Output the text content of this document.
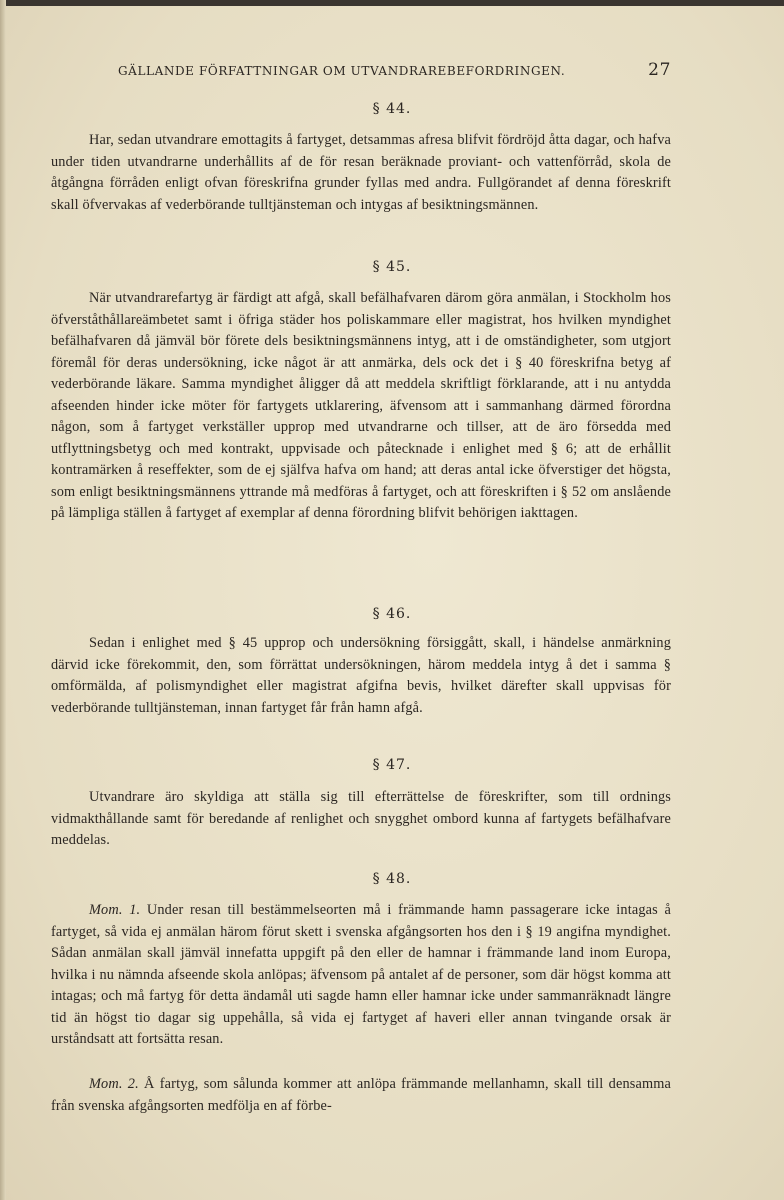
GÄLLANDE FÖRFATTNINGAR OM UTVANDRAREBEFORDRINGEN.	27
§ 44.
Har, sedan utvandrare emottagits å fartyget, detsammas afresa blifvit fördröjd åtta dagar, och hafva under tiden utvandrarne underhållits af de för resan beräknade proviant- och vattenförråd, skola de åtgångna förråden enligt ofvan föreskrifna grunder fyllas med andra. Fullgörandet af denna föreskrift skall öfvervakas af vederbörande tulltjänsteman och intygas af besiktningsmännen.
§ 45.
När utvandrarefartyg är färdigt att afgå, skall befälhafvaren därom göra anmälan, i Stockholm hos öfverståthållareämbetet samt i öfriga städer hos poliskammare eller magistrat, hos hvilken myndighet befälhafvaren då jämväl bör förete dels besiktningsmännens intyg, att i de omständigheter, som utgjort föremål för deras undersökning, icke något är att anmärka, dels ock det i § 40 föreskrifna betyg af vederbörande läkare. Samma myndighet åligger då att meddela skriftligt förklarande, att i nu antydda afseenden hinder icke möter för fartygets utklarering, äfvensom att i sammanhang därmed förordna någon, som å fartyget verkställer upprop med utvandrarne och tillser, att de äro försedda med utflyttningsbetyg och med kontrakt, uppvisade och påtecknade i enlighet med § 6; att de erhållit kontramärken å reseffekter, som de ej själfva hafva om hand; att deras antal icke öfverstiger det högsta, som enligt besiktningsmännens yttrande må medföras å fartyget, och att föreskriften i § 52 om anslående på lämpliga ställen å fartyget af exemplar af denna förordning blifvit behörigen iakttagen.
§ 46.
Sedan i enlighet med § 45 upprop och undersökning försiggått, skall, i händelse anmärkning därvid icke förekommit, den, som förrättat undersökningen, härom meddela intyg å det i samma § omförmälda, af polismyndighet eller magistrat afgifna bevis, hvilket därefter skall uppvisas för vederbörande tulltjänsteman, innan fartyget får från hamn afgå.
§ 47.
Utvandrare äro skyldiga att ställa sig till efterrättelse de föreskrifter, som till ordnings vidmakthållande samt för beredande af renlighet och snygghet ombord kunna af fartygets befälhafvare meddelas.
§ 48.
Mom. 1. Under resan till bestämmelseorten må i främmande hamn passagerare icke intagas å fartyget, så vida ej anmälan härom förut skett i svenska afgångsorten hos den i § 19 angifna myndighet. Sådan anmälan skall jämväl innefatta uppgift på den eller de hamnar i främmande land inom Europa, hvilka i nu nämnda afseende skola anlöpas; äfvensom på antalet af de personer, som där högst komma att intagas; och må fartyg för detta ändamål uti sagde hamn eller hamnar icke under sammanräknadt längre tid än högst tio dagar sig uppehålla, så vida ej fartyget af haveri eller annan tvingande orsak är urståndsatt att fortsätta resan.
Mom. 2. Å fartyg, som sålunda kommer att anlöpa främmande mellanhamn, skall till densamma från svenska afgångsorten medfölja en af förbe-
